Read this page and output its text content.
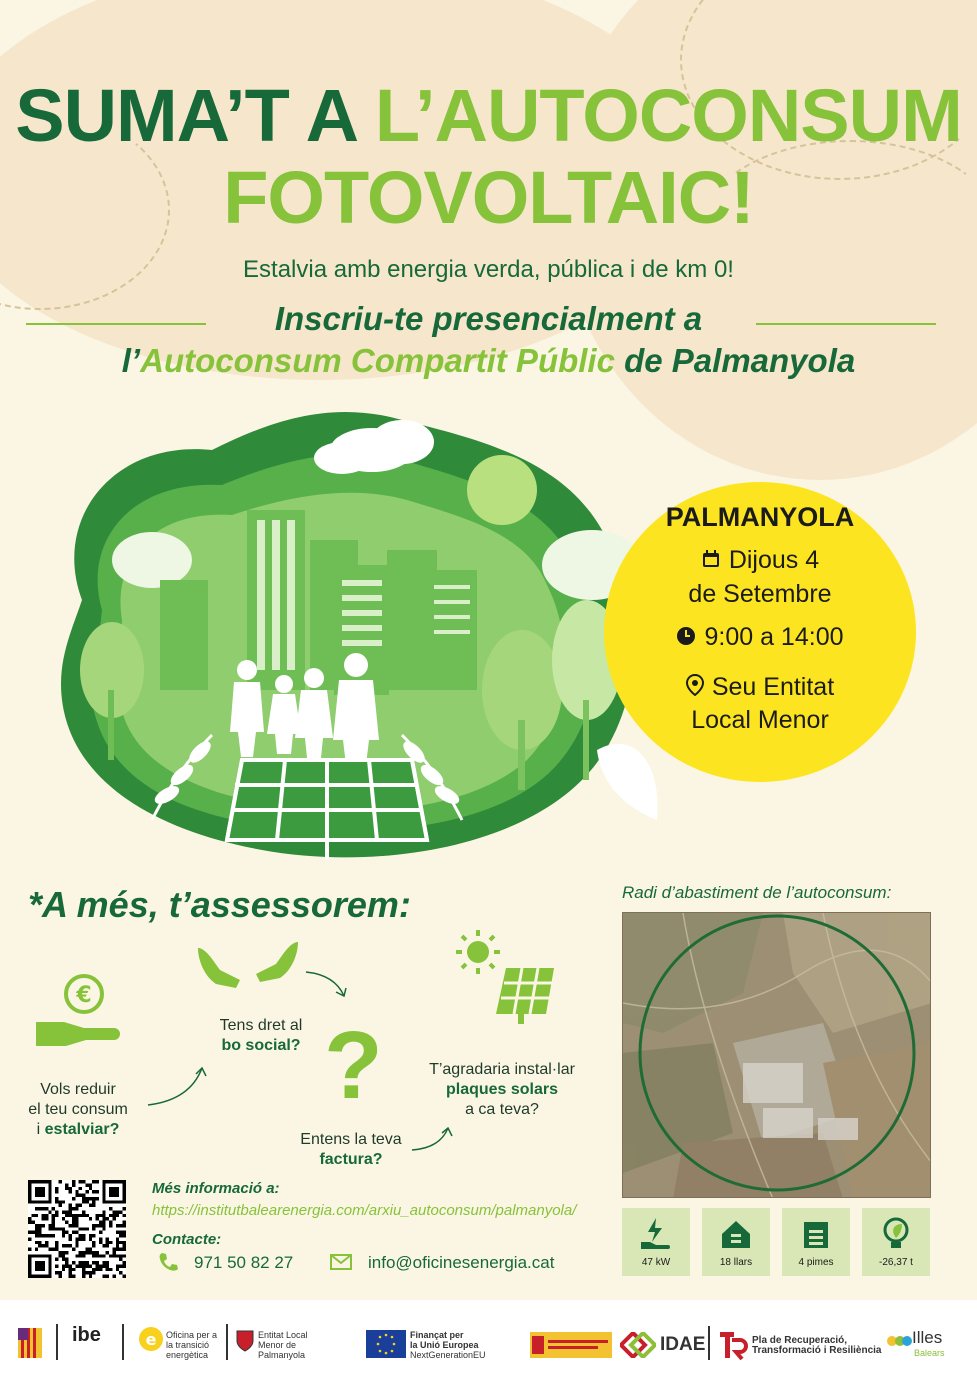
SUMA’T A L’AUTOCONSUM
FOTOVOLTAIC!
Estalvia amb energia verda, pública i de km 0!
Inscriu-te presencialment a
l’Autoconsum Compartit Públic de Palmanyola
PALMANYOLA
Dijous 4
de Setembre
9:00 a 14:00
Seu Entitat
Local Menor
*A més, t’assessorem:
€
Vols reduir
el teu consum
i estalviar?
Tens dret al
bo social? ?
Entens la teva
factura?
T’agradaria instal·lar
plaques solars
a ca teva?
Radi d’abastiment de l’autoconsum:
47 kW	18 llars	4 pimes	-26,37 t
Més informació a:
https://institutbalearenergia.com/arxiu_autoconsum/palmanyola/
Contacte:
971 50 82 27	info@oficinesenergia.cat
ibe	e Oficina per a la transició energètica
Entitat Local Menor de Palmanyola
Finançat per
la Unió Europea
NextGenerationEU	IDAE	Pla de Recuperació,
Transformació i Resiliència
Illes
Balears
